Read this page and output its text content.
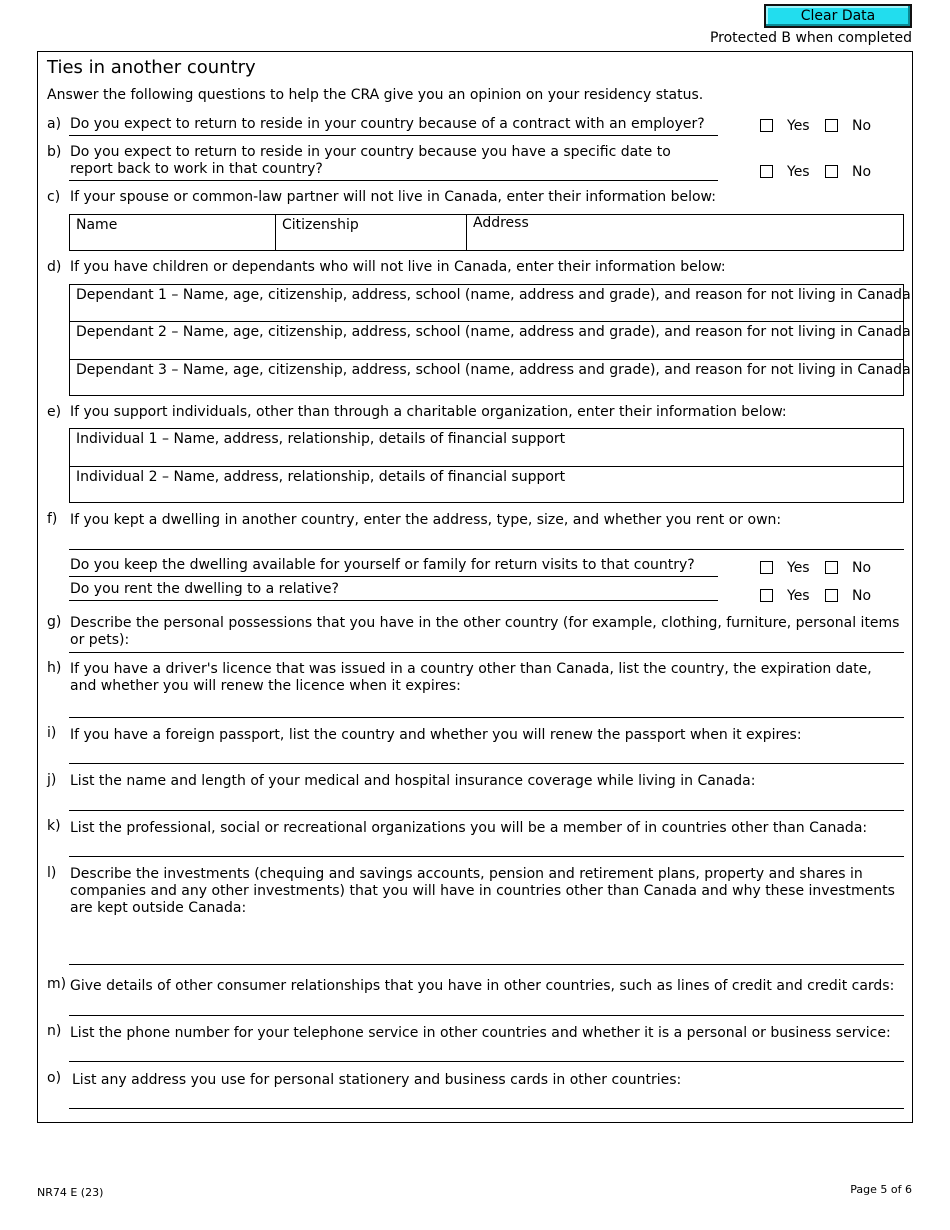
Clear Data
Protected B when completed
Ties in another country
Answer the following questions to help the CRA give you an opinion on your residency status.
a) Do you expect to return to reside in your country because of a contract with an employer?	Yes	No
b) Do you expect to return to reside in your country because you have a specific date to report back to work in that country?	Yes	No
c) If your spouse or common-law partner will not live in Canada, enter their information below:
Name	Citizenship	Address
d) If you have children or dependants who will not live in Canada, enter their information below:
Dependant 1 – Name, age, citizenship, address, school (name, address and grade), and reason for not living in Canada
Dependant 2 – Name, age, citizenship, address, school (name, address and grade), and reason for not living in Canada
Dependant 3 – Name, age, citizenship, address, school (name, address and grade), and reason for not living in Canada
e) If you support individuals, other than through a charitable organization, enter their information below:
Individual 1 – Name, address, relationship, details of financial support
Individual 2 – Name, address, relationship, details of financial support
f) If you kept a dwelling in another country, enter the address, type, size, and whether you rent or own:
Do you keep the dwelling available for yourself or family for return visits to that country?	Yes	No
Do you rent the dwelling to a relative?	Yes	No
g) Describe the personal possessions that you have in the other country (for example, clothing, furniture, personal items or pets):
h) If you have a driver's licence that was issued in a country other than Canada, list the country, the expiration date, and whether you will renew the licence when it expires:
i) If you have a foreign passport, list the country and whether you will renew the passport when it expires:
j) List the name and length of your medical and hospital insurance coverage while living in Canada:
k) List the professional, social or recreational organizations you will be a member of in countries other than Canada:
l) Describe the investments (chequing and savings accounts, pension and retirement plans, property and shares in companies and any other investments) that you will have in countries other than Canada and why these investments are kept outside Canada:
m) Give details of other consumer relationships that you have in other countries, such as lines of credit and credit cards:
n) List the phone number for your telephone service in other countries and whether it is a personal or business service:
o) List any address you use for personal stationery and business cards in other countries:
NR74 E (23)	Page 5 of 6
